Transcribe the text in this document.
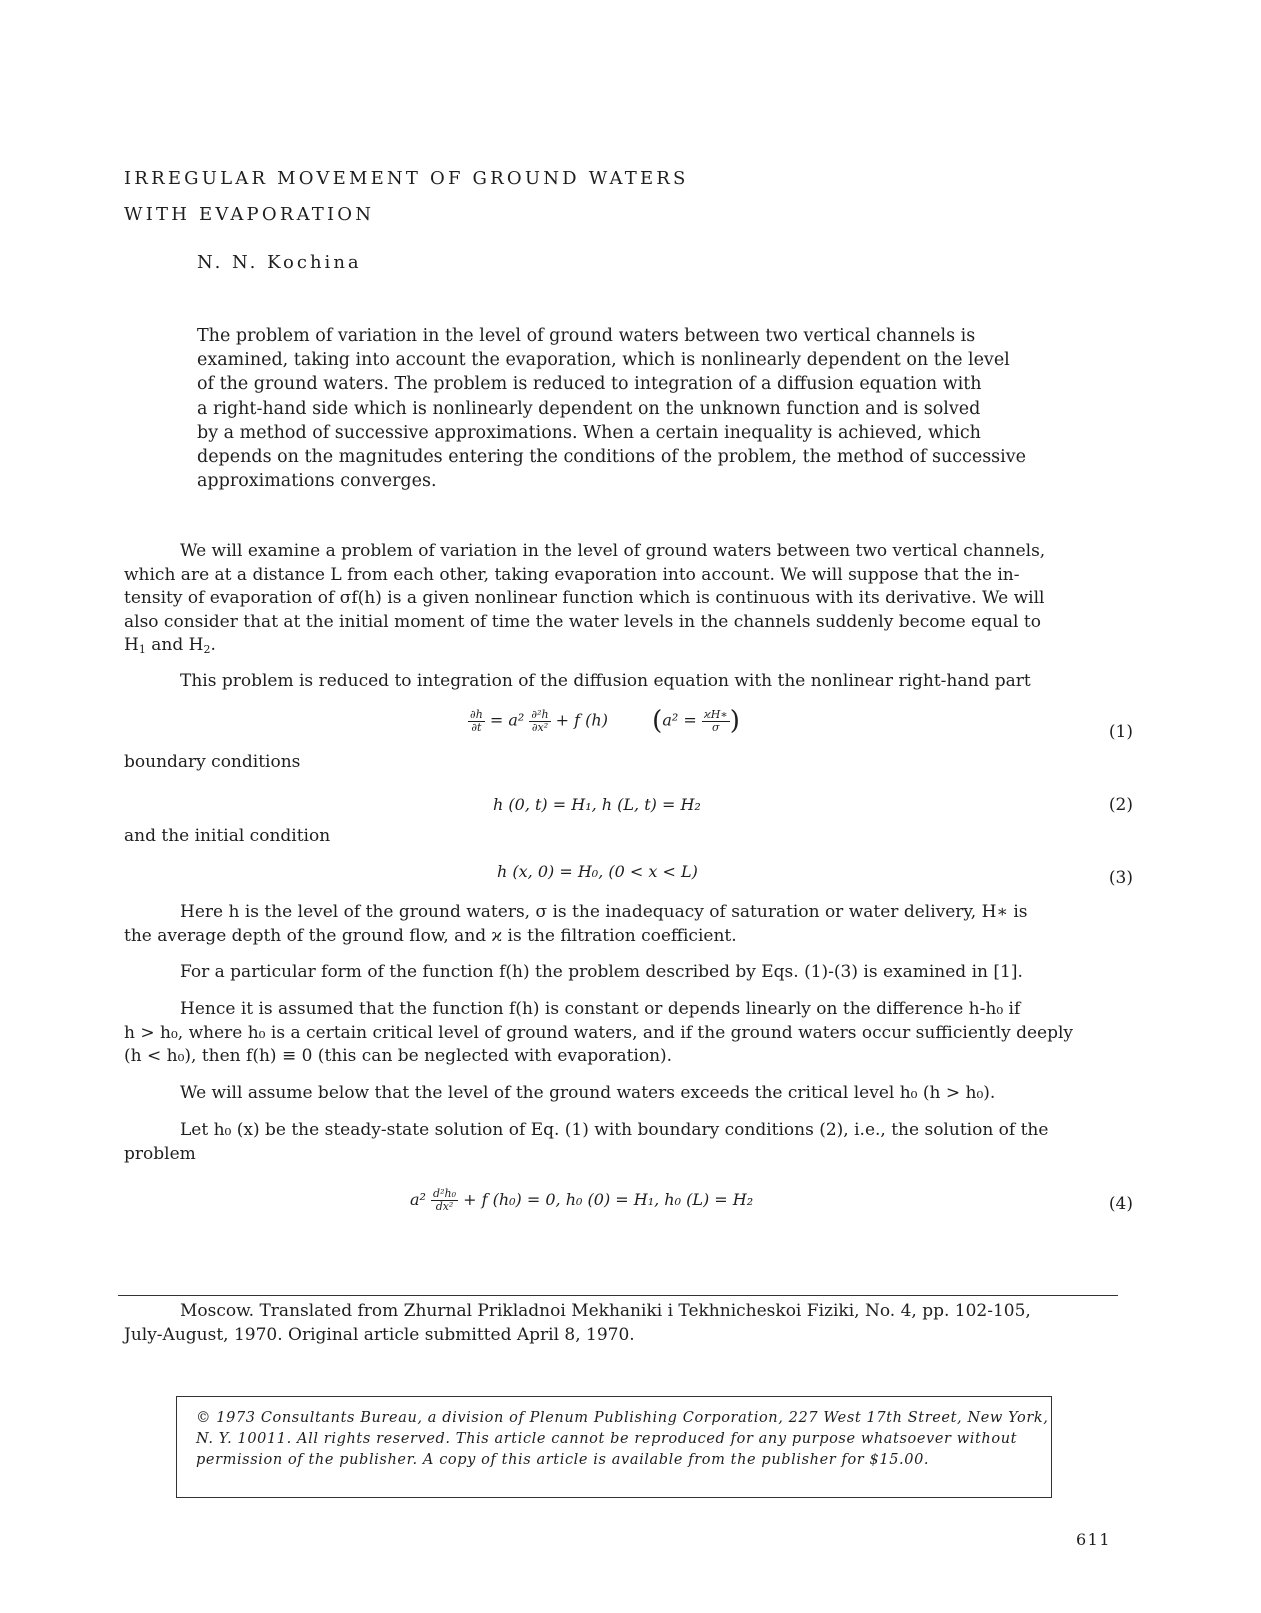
IRREGULAR MOVEMENT OF GROUND WATERS
WITH EVAPORATION
N. N. Kochina
The problem of variation in the level of ground waters between two vertical channels is
examined, taking into account the evaporation, which is nonlinearly dependent on the level
of the ground waters. The problem is reduced to integration of a diffusion equation with
a right-hand side which is nonlinearly dependent on the unknown function and is solved
by a method of successive approximations. When a certain inequality is achieved, which
depends on the magnitudes entering the conditions of the problem, the method of successive
approximations converges.
We will examine a problem of variation in the level of ground waters between two vertical channels,
which are at a distance L from each other, taking evaporation into account. We will suppose that the in-
tensity of evaporation of σf(h) is a given nonlinear function which is continuous with its derivative. We will
also consider that at the initial moment of time the water levels in the channels suddenly become equal to
$H_1$ and $H_2$.
This problem is reduced to integration of the diffusion equation with the nonlinear right-hand part
$\frac{\partial h}{\partial t} = a^2 \frac{\text{∂²h}}{\text{∂x²}} + f$ (h) ($a^2 = \frac{ϰH∗}{\sigma}$ )	(1)
boundary conditions
h (0, t) = H₁, h (L, t) = H₂	(2)
and the initial condition
h (x, 0) = H₀, (0 < x < L)	(3)
Here h is the level of the ground waters, σ is the inadequacy of saturation or water delivery, H∗ is
the average depth of the ground flow, and ϰ is the filtration coefficient.
For a particular form of the function f(h) the problem described by Eqs. (1)-(3) is examined in [1].
Hence it is assumed that the function f(h) is constant or depends linearly on the difference h-h₀ if
h > h₀, where h₀ is a certain critical level of ground waters, and if the ground waters occur sufficiently deeply
(h < h₀), then f(h) ≡ 0 (this can be neglected with evaporation).
We will assume below that the level of the ground waters exceeds the critical level h₀ (h > h₀).
Let h₀ (x) be the steady-state solution of Eq. (1) with boundary conditions (2), i.e., the solution of the
problem
$a^2 \frac{\text{d²h₀}}{\text{dx²}} + f$ (h₀) = 0, h₀ (0) = H₁, h₀ (L) = H₂	(4)
Moscow. Translated from Zhurnal Prikladnoi Mekhaniki i Tekhnicheskoi Fiziki, No. 4, pp. 102-105,
July-August, 1970. Original article submitted April 8, 1970.
© 1973 Consultants Bureau, a division of Plenum Publishing Corporation, 227 West 17th Street, New York,
N. Y. 10011. All rights reserved. This article cannot be reproduced for any purpose whatsoever without
permission of the publisher. A copy of this article is available from the publisher for $15.00.
611
